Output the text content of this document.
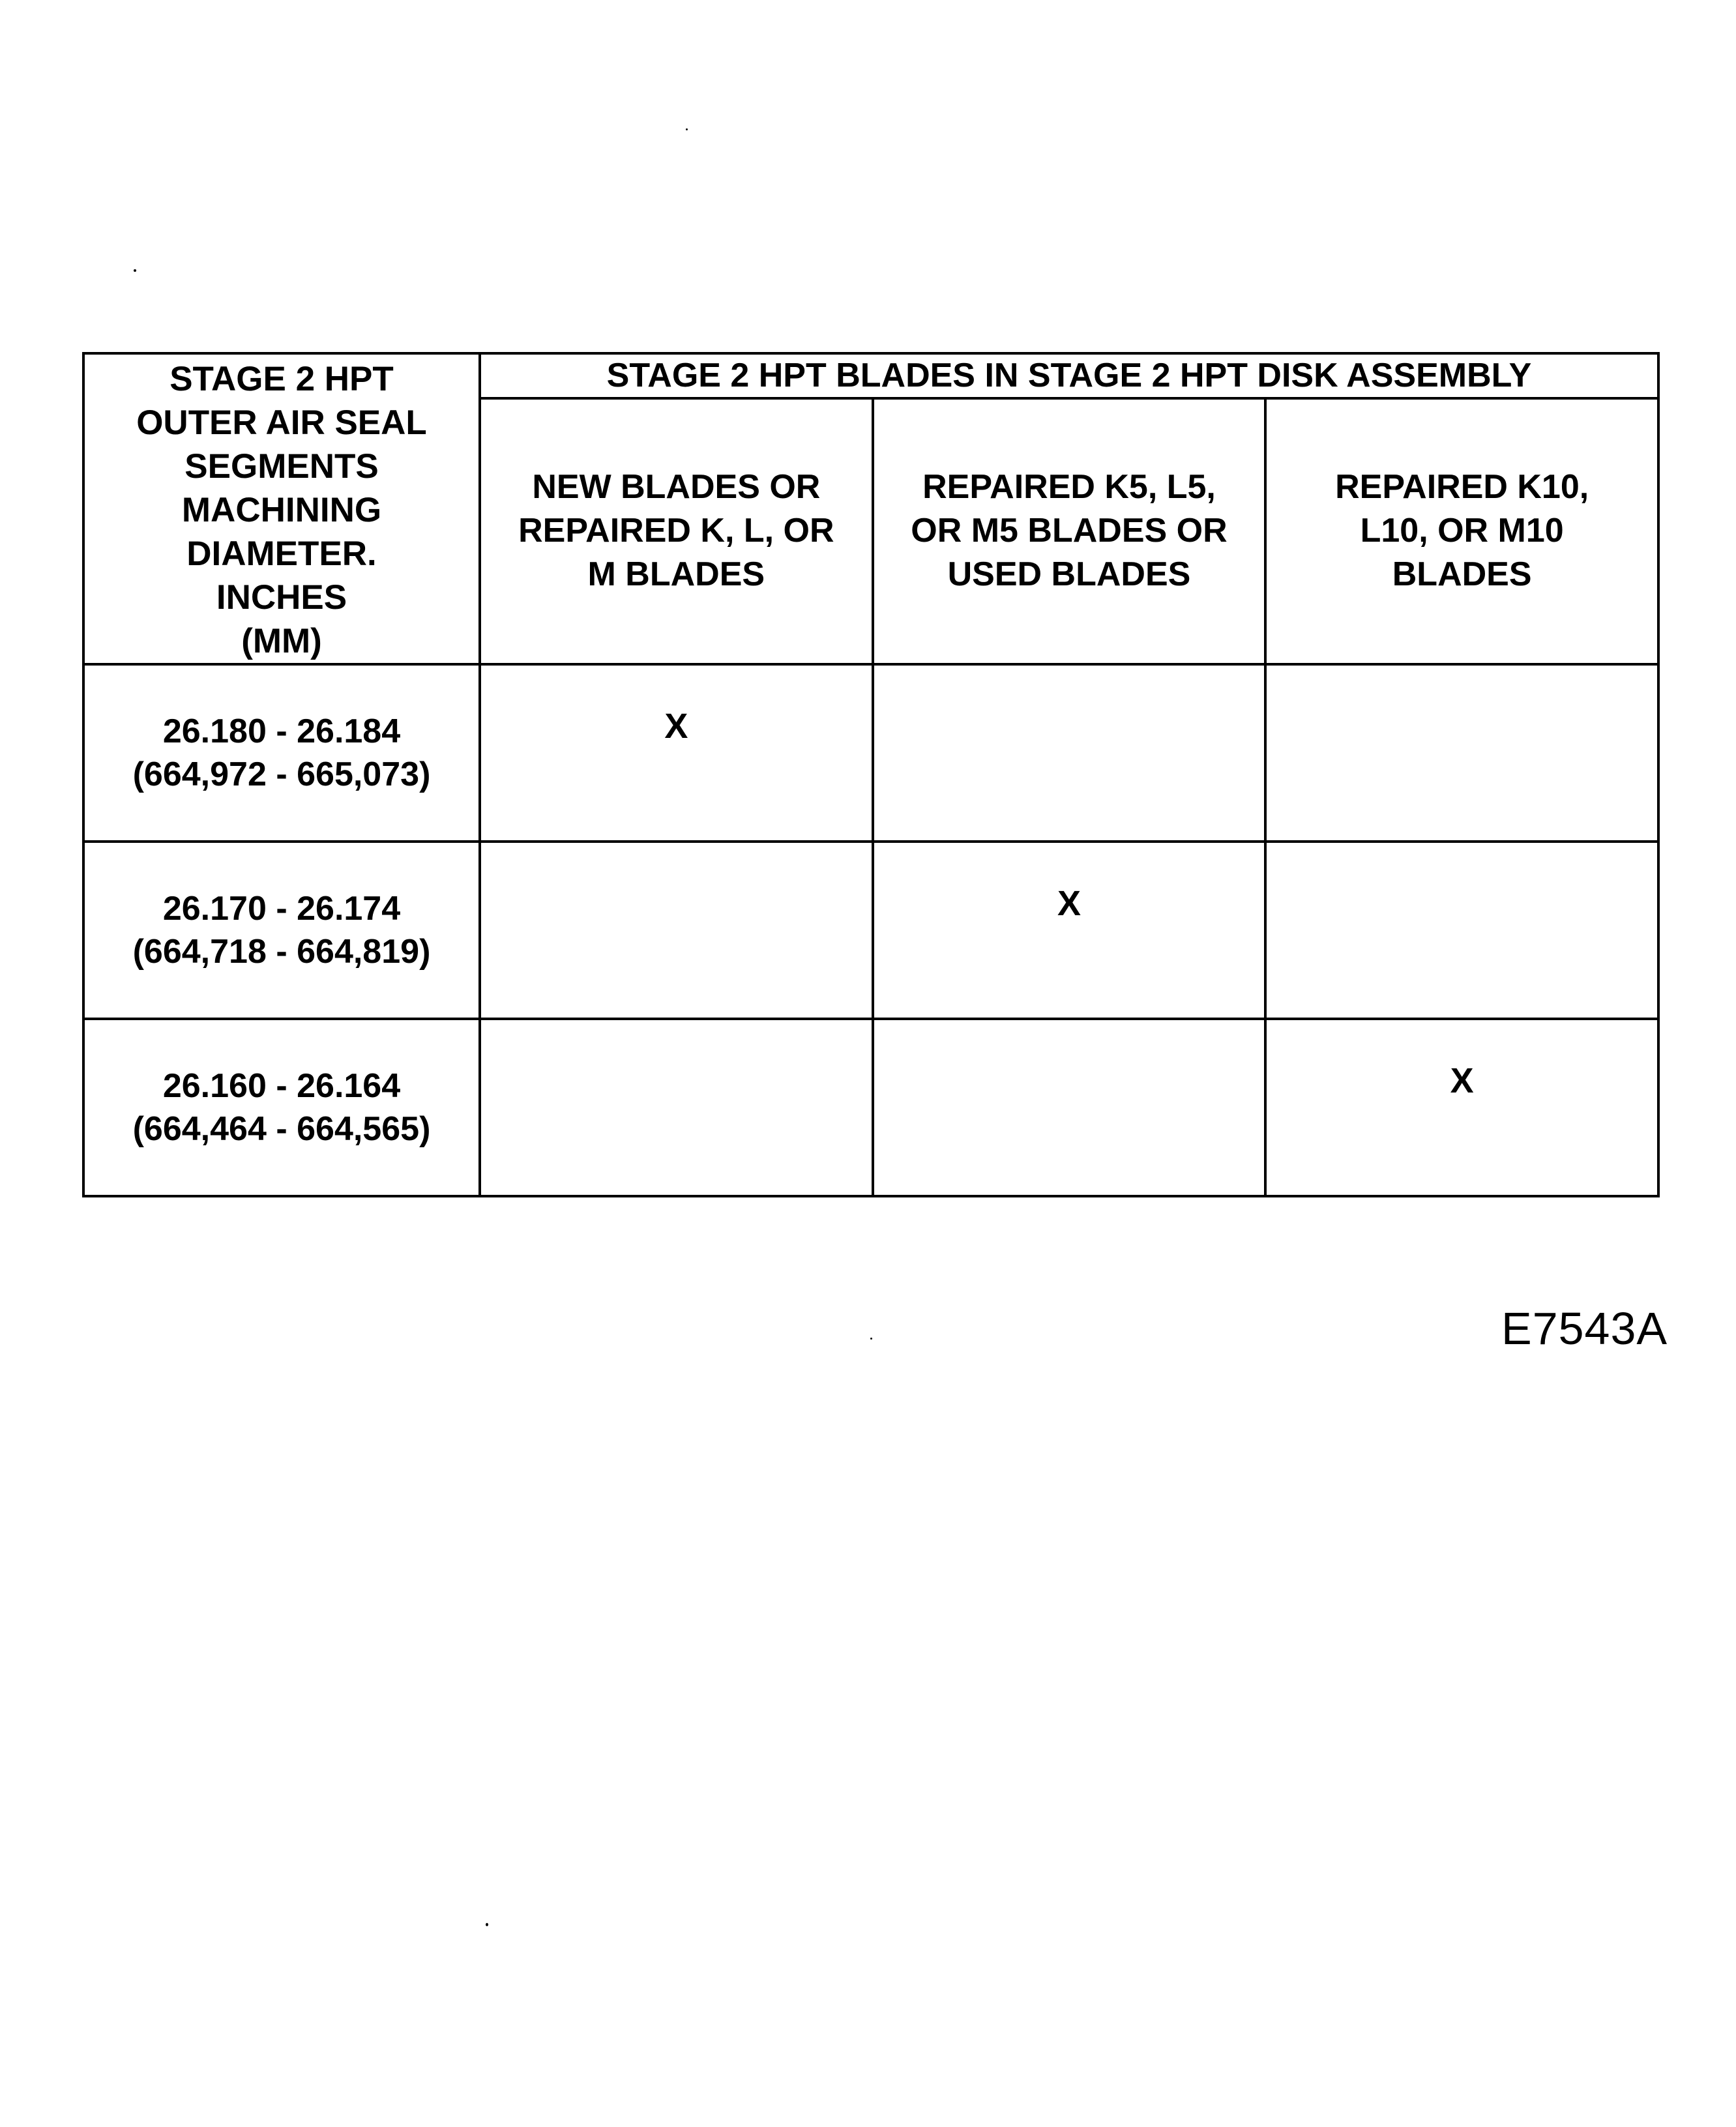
STAGE 2 HPT
OUTER AIR SEAL
SEGMENTS
MACHINING
DIAMETER.
INCHES
(MM)
	STAGE 2 HPT BLADES IN STAGE 2 HPT DISK ASSEMBLY

	NEW BLADES OR
REPAIRED K, L, OR
M BLADES	REPAIRED K5, L5,
OR M5 BLADES OR
USED BLADES	REPAIRED K10,
L10, OR M10
BLADES

26.180 - 26.184
(664,972 - 665,073)	X		

26.170 - 26.174
(664,718 - 664,819)		X	

26.160 - 26.164
(664,464 - 664,565)			X
E7543A
